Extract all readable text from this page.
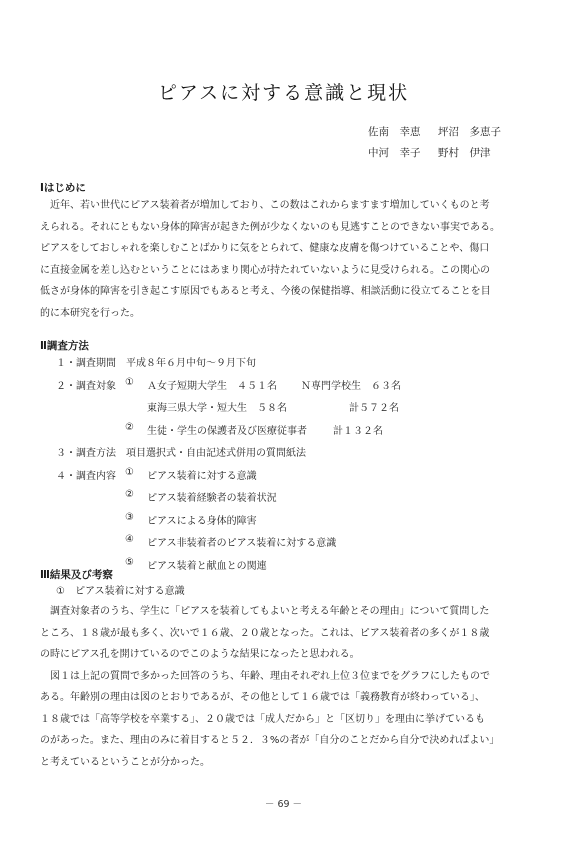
ピアスに対する意識と現状
佐南　幸恵 坪沼　多恵子
中河　幸子 野村　伊津
Ⅰはじめに

　近年、若い世代にピアス装着者が増加しており、この数はこれからますます増加していくものと考

えられる。それにともない身体的障害が起きた例が少なくないのも見逃すことのできない事実である。

ピアスをしておしゃれを楽しむことばかりに気をとられて、健康な皮膚を傷つけていることや、傷口

に直接金属を差し込むということにはあまり関心が持たれていないように見受けられる。この関心の

低さが身体的障害を引き起こす原因でもあると考え、今後の保健指導、相談活動に役立てることを目

的に本研究を行った。

Ⅱ調査方法
１・調査期間 平成８年６月中旬〜９月下旬
２・調査対象 ① Ａ女子短期大学生　４５１名 Ｎ専門学校生　６３名
東海三県大学・短大生　５８名	計５７２名
② 生徒・学生の保護者及び医療従事者	計１３２名
３・調査方法 項目選択式・自由記述式併用の質問紙法
４・調査内容 ① ピアス装着に対する意識
② ピアス装着経験者の装着状況
③ ピアスによる身体的障害
④ ピアス非装着者のピアス装着に対する意識
⑤ ピアス装着と献血との関連
Ⅲ結果及び考察

①　ピアス装着に対する意識

　調査対象者のうち、学生に「ピアスを装着してもよいと考える年齢とその理由」について質問した

ところ、１８歳が最も多く、次いで１６歳、２０歳となった。これは、ピアス装着者の多くが１８歳

の時にピアス孔を開けているのでこのような結果になったと思われる。

　図１は上記の質問で多かった回答のうち、年齢、理由それぞれ上位３位までをグラフにしたもので

ある。年齢別の理由は図のとおりであるが、その他として１６歳では「義務教育が終わっている」、

１８歳では「高等学校を卒業する」、２０歳では「成人だから」と「区切り」を理由に挙げているも

のがあった。また、理由のみに着目すると５２．３%の者が「自分のことだから自分で決めればよい」

と考えているということが分かった。

－ 69 －
